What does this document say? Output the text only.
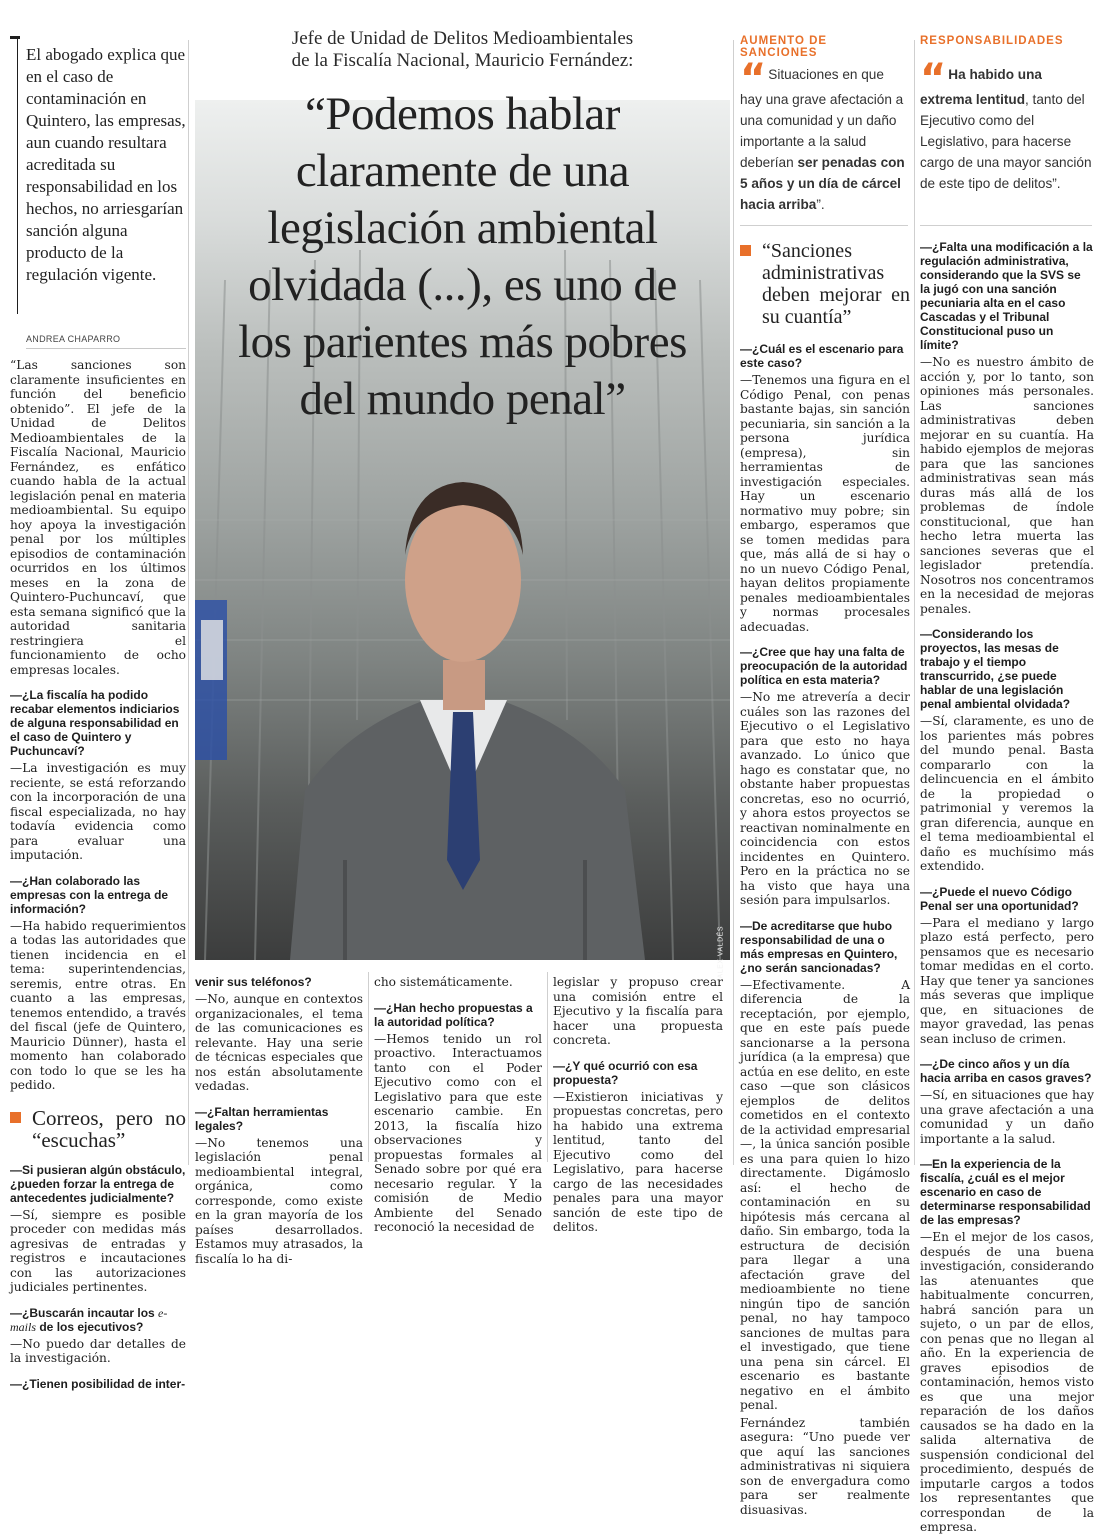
ALEX VALDÉS
Jefe de Unidad de Delitos Medioambientales
de la Fiscalía Nacional, Mauricio Fernández:
“Podemos hablar
claramente de una
legislación ambiental
olvidada (...), es uno de
los parientes más pobres
del mundo penal”
El abogado explica que en el caso de contaminación en Quintero, las empresas, aun cuando resultara acreditada su responsabilidad en los hechos, no arriesgarían sanción alguna producto de la regulación vigente.
ANDREA CHAPARRO

“Las sanciones son claramente insuficientes en función del beneficio obtenido”. El jefe de la Unidad de Delitos Medioambientales de la Fiscalía Nacional, Mauricio Fernández, es enfático cuando habla de la actual legislación penal en materia medioambiental. Su equipo hoy apoya la investigación penal por los múltiples episodios de contaminación ocurridos en los últimos meses en la zona de Quintero-Puchuncaví, que esta semana significó que la autoridad sanitaria restringiera el funcionamiento de ocho empresas locales.

—¿La fiscalía ha podido recabar elementos indiciarios de alguna responsabilidad en el caso de Quintero y Puchuncaví?

—La investigación es muy reciente, se está reforzando con la incorporación de una fiscal especializada, no hay todavía evidencia como para evaluar una imputación.

—¿Han colaborado las empresas con la entrega de información?

—Ha habido requerimientos a todas las autoridades que tienen incidencia en el tema: superintendencias, seremis, entre otras. En cuanto a las empresas, tenemos entendido, a través del fiscal (jefe de Quintero, Mauricio Dünner), hasta el momento han colaborado con todo lo que se les ha pedido.

Correos, pero no “escuchas”

—Si pusieran algún obstáculo, ¿pueden forzar la entrega de antecedentes judicialmente?

—Sí, siempre es posible proceder con medidas más agresivas de entradas y registros e incautaciones con las autorizaciones judiciales pertinentes.

—¿Buscarán incautar los e-mails de los ejecutivos?

—No puedo dar detalles de la investigación.

—¿Tienen posibilidad de inter-

venir sus teléfonos?

—No, aunque en contextos organizacionales, el tema de las comunicaciones es relevante. Hay una serie de técnicas especiales que nos están absolutamente vedadas.

—¿Faltan herramientas legales?

—No tenemos una legislación penal medioambiental integral, orgánica, como corresponde, como existe en la gran mayoría de los países desarrollados. Estamos muy atrasados, la fiscalía lo ha di-

cho sistemáticamente.

—¿Han hecho propuestas a la autoridad política?

—Hemos tenido un rol proactivo. Interactuamos tanto con el Poder Ejecutivo como con el Legislativo para que este escenario cambie. En 2013, la fiscalía hizo observaciones y propuestas formales al Senado sobre por qué era necesario regular. Y la comisión de Medio Ambiente del Senado reconoció la necesidad de

legislar y propuso crear una comisión entre el Ejecutivo y la fiscalía para hacer una propuesta concreta.

—¿Y qué ocurrió con esa propuesta?

—Existieron iniciativas y propuestas concretas, pero ha habido una extrema lentitud, tanto del Ejecutivo como del Legislativo, para hacerse cargo de las necesidades penales para una mayor sanción de este tipo de delitos.

AUMENTO DE SANCIONES
“ Situaciones en que hay una grave afectación a una comunidad y un daño importante a la salud deberían ser penadas con 5 años y un día de cárcel hacia arriba”.
“Sanciones administrativas deben mejorar en su cuantía”

—¿Cuál es el escenario para este caso?

—Tenemos una figura en el Código Penal, con penas bastante bajas, sin sanción pecuniaria, sin sanción a la persona jurídica (empresa), sin herramientas de investigación especiales. Hay un escenario normativo muy pobre; sin embargo, esperamos que se tomen medidas para que, más allá de si hay o no un nuevo Código Penal, hayan delitos propiamente penales medioambientales y normas procesales adecuadas.

—¿Cree que hay una falta de preocupación de la autoridad política en esta materia?

—No me atrevería a decir cuáles son las razones del Ejecutivo o el Legislativo para que esto no haya avanzado. Lo único que hago es constatar que, no obstante haber propuestas concretas, eso no ocurrió, y ahora estos proyectos se reactivan nominalmente en coincidencia con estos incidentes en Quintero. Pero en la práctica no se ha visto que haya una sesión para impulsarlos.

—De acreditarse que hubo responsabilidad de una o más empresas en Quintero, ¿no serán sancionadas?

—Efectivamente. A diferencia de la receptación, por ejemplo, que en este país puede sancionarse a la persona jurídica (a la empresa) que actúa en ese delito, en este caso —que son clásicos ejemplos de delitos cometidos en el contexto de la actividad empresarial—, la única sanción posible es una para quien lo hizo directamente. Digámoslo así: el hecho de contaminación en su hipótesis más cercana al daño. Sin embargo, toda la estructura de decisión para llegar a una afectación grave del medioambiente no tiene ningún tipo de sanción penal, no hay tampoco sanciones de multas para el investigado, que tiene una pena sin cárcel. El escenario es bastante negativo en el ámbito penal.

Fernández también asegura: “Uno puede ver que aquí las sanciones administrativas ni siquiera son de envergadura como para ser realmente disuasivas.

RESPONSABILIDADES
“ Ha habido una extrema lentitud, tanto del Ejecutivo como del Legislativo, para hacerse cargo de una mayor sanción de este tipo de delitos”.

—¿Falta una modificación a la regulación administrativa, considerando que la SVS se la jugó con una sanción pecuniaria alta en el caso Cascadas y el Tribunal Constitucional puso un límite?

—No es nuestro ámbito de acción y, por lo tanto, son opiniones más personales. Las sanciones administrativas deben mejorar en su cuantía. Ha habido ejemplos de mejoras para que las sanciones administrativas sean más duras más allá de los problemas de índole constitucional, que han hecho letra muerta las sanciones severas que el legislador pretendía. Nosotros nos concentramos en la necesidad de mejoras penales.

—Considerando los proyectos, las mesas de trabajo y el tiempo transcurrido, ¿se puede hablar de una legislación penal ambiental olvidada?

—Sí, claramente, es uno de los parientes más pobres del mundo penal. Basta compararlo con la delincuencia en el ámbito de la propiedad o patrimonial y veremos la gran diferencia, aunque en el tema medioambiental el daño es muchísimo más extendido.

—¿Puede el nuevo Código Penal ser una oportunidad?

—Para el mediano y largo plazo está perfecto, pero pensamos que es necesario tomar medidas en el corto. Hay que tener ya sanciones más severas que implique que, en situaciones de mayor gravedad, las penas sean incluso de crimen.

—¿De cinco años y un día hacia arriba en casos graves?

—Sí, en situaciones que hay una grave afectación a una comunidad y un daño importante a la salud.

—En la experiencia de la fiscalía, ¿cuál es el mejor escenario en caso de determinarse responsabilidad de las empresas?

—En el mejor de los casos, después de una buena investigación, considerando las atenuantes que habitualmente concurren, habrá sanción para un sujeto, o un par de ellos, con penas que no llegan al año. En la experiencia de graves episodios de contaminación, hemos visto es que una mejor reparación de los daños causados se ha dado en la salida alternativa de suspensión condicional del procedimiento, después de imputarle cargos a todos los representantes que correspondan de la empresa.
